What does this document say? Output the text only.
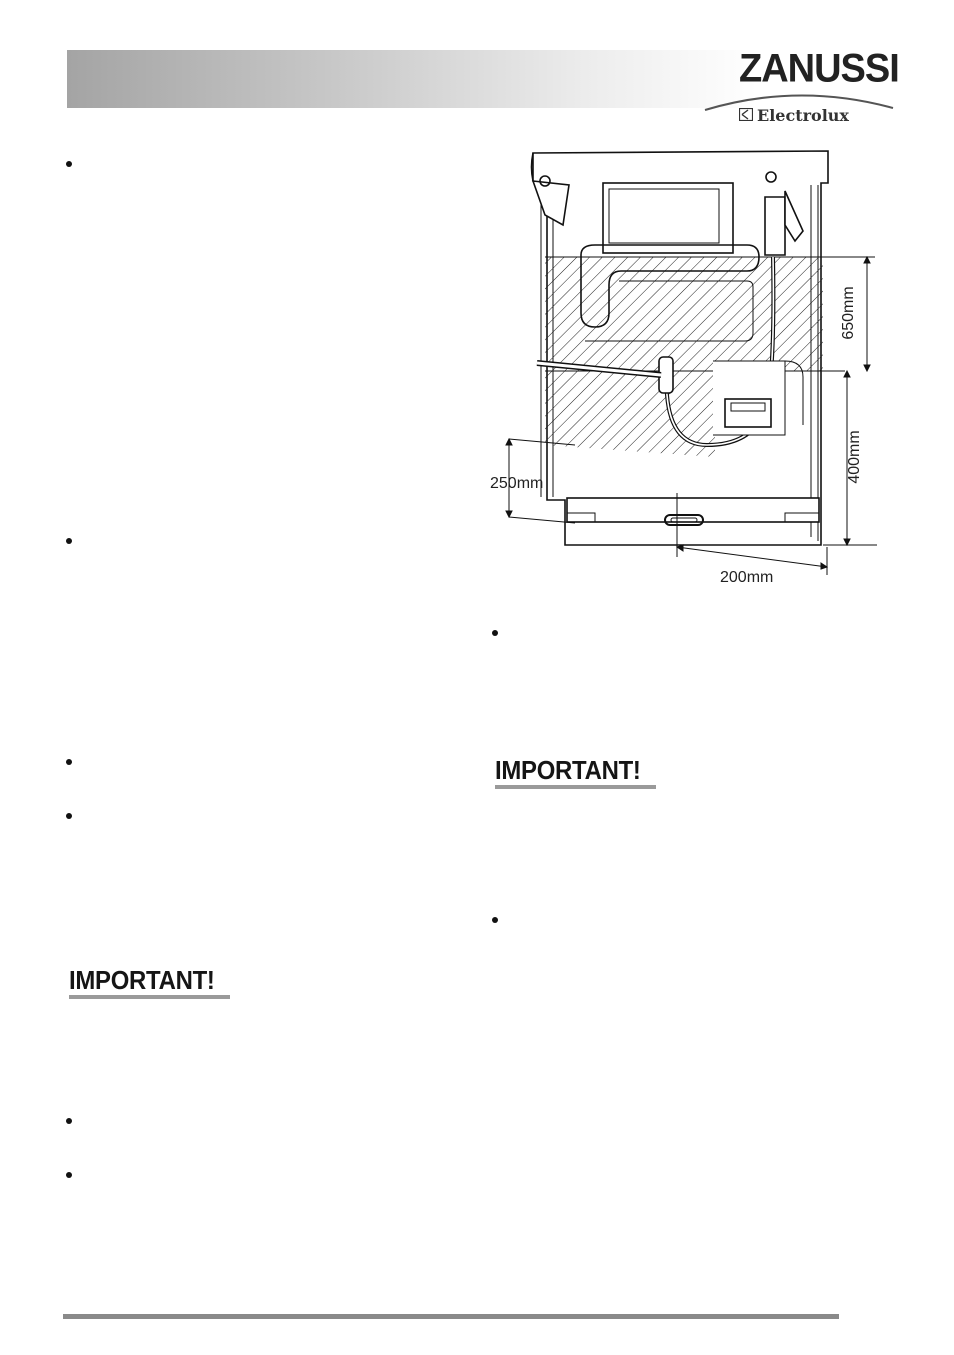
ZANUSSI
Electrolux
IMPORTANT!
IMPORTANT!
650mm
400mm
250mm
200mm
